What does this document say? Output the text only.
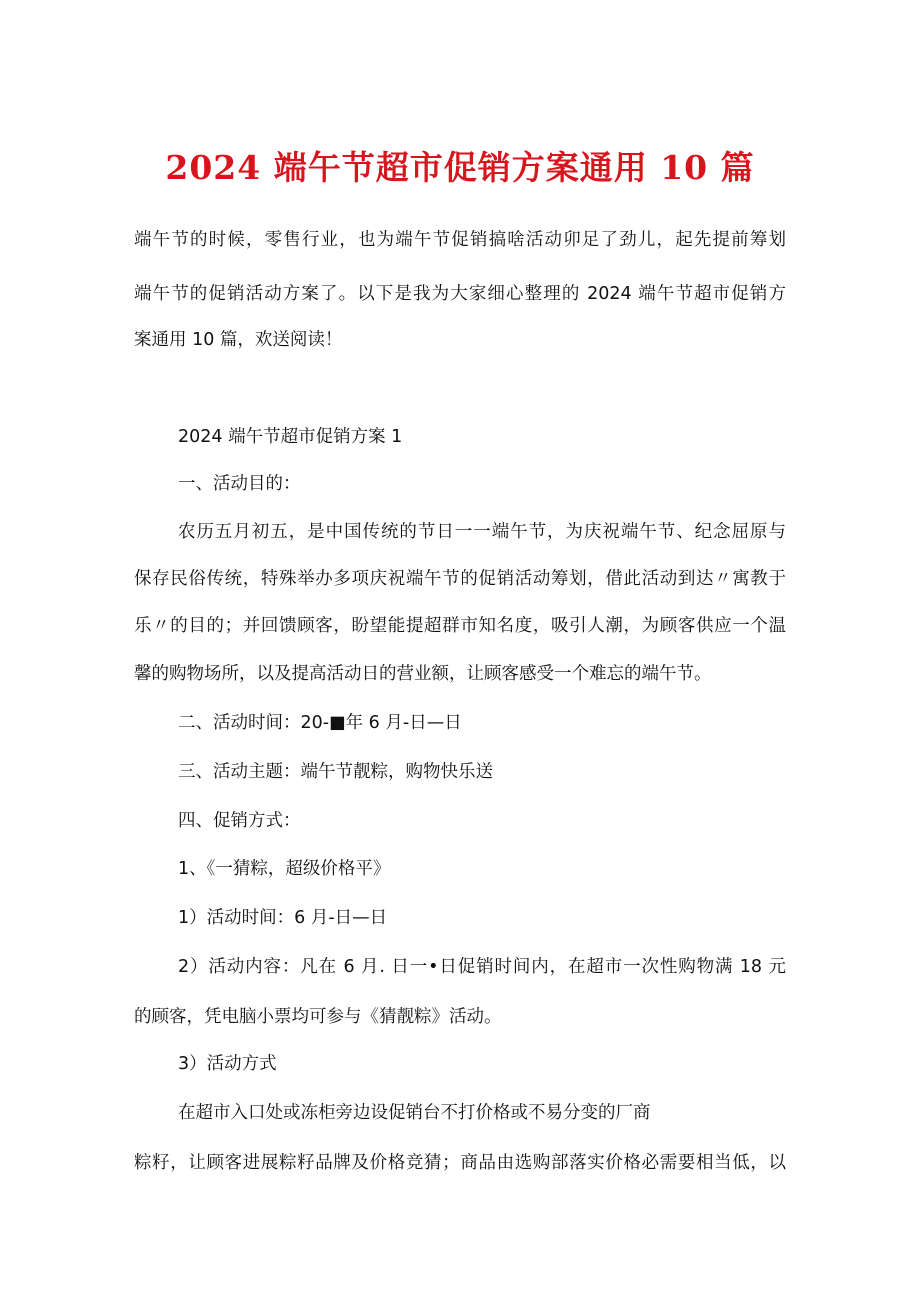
2024 端午节超市促销方案通用 10 篇
端午节的时候，零售行业，也为端午节促销搞啥活动卯足了劲儿，起先提前筹划
端午节的促销活动方案了。以下是我为大家细心整理的 2024 端午节超市促销方
案通用 10 篇，欢送阅读！
2024 端午节超市促销方案 1
一、活动目的：
农历五月初五，是中国传统的节日一一端午节，为庆祝端午节、纪念屈原与
保存民俗传统，特殊举办多项庆祝端午节的促销活动筹划，借此活动到达〃寓教于
乐〃的目的；并回馈顾客，盼望能提超群市知名度，吸引人潮，为顾客供应一个温
馨的购物场所，以及提高活动日的营业额，让顾客感受一个难忘的端午节。
二、活动时间：20-■年 6 月-日—日
三、活动主题：端午节靓粽，购物快乐送
四、促销方式：
1、《一猜粽，超级价格平》
1）活动时间：6 月-日—日
2）活动内容：凡在 6 月. 日一•日促销时间内，在超市一次性购物满 18 元
的顾客，凭电脑小票均可参与《猜靓粽》活动。
3）活动方式
在超市入口处或冻柜旁边设促销台不打价格或不易分变的厂商
粽籽，让顾客进展粽籽品牌及价格竞猜；商品由选购部落实价格必需要相当低，以
